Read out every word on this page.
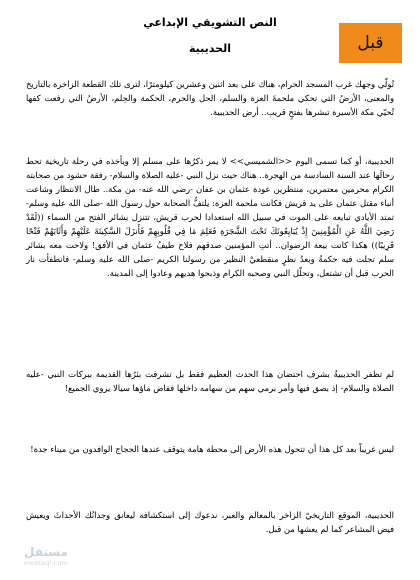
قبل
النص التشويقي الإبداعي
الحديبية

تُولّي وجهك غرب المسجد الحرام، هناك على بعد اثنين وعشرين كيلومترًا، لترى تلك القطعة الزاخرة بالتاريخ والمعنى، الأرضُ التي تحكي ملحمةَ العزة والسلم، الحل والحرم، الحكمة والحِلم، الأرضُ التي رفعت كفها تُحيّي مكة الأسيرة تبشرها بفتحٍ قريب.. أرض الحديبية.

الحديبية، أو كما تسمى اليوم <<الشميسي>> لا يمر ذكرُها على مسلم إلا ويأخذه في رحلة تاريخية تحط رحالَها عند السنة السادسة من الهجرة.. هناك حيث نزل النبي -عليه الصلاة والسلام- رفقة حشود من صحابته الكرام محرمين معتمرين، منتظرين عودة عثمان بن عفان -رضي الله عنه- من مكة.. طال الانتظار وشاعت أنباء مقتل عثمان على يد قريش فكانت ملحمة العزة: يلتفُّ الصحابة حول رسول الله -صلى الله عليه وسلم- تمتد الأيادي تبايعه على الموت في سبيل الله استعدادا لحرب قريش، تتنزل بشائر الفتح من السماء ((لَقَدْ رَضِيَ اللَّهُ عَنِ الْمُؤْمِنِينَ إِذْ يُبَايِعُونَكَ تَحْتَ الشَّجَرَةِ فَعَلِمَ مَا فِي قُلُوبِهِمْ فَأَنزَلَ السَّكِينَةَ عَلَيْهِمْ وَأَثَابَهُمْ فَتْحًا قَرِيبًا)) هكذا كانت بيعة الرضوان.. أتتِ المؤمنين صدقهم فلاح طيفُ عثمان في الأفق! ولاحت معه بشائر سلم تجلت فيه حكمةُ وبعدُ نظرٍ منقطعيْ النظير من رسولنا الكريم -صلى الله عليه وسلم- فانطفأت نار الحرب قبل أن تشتعل، وتحلّل النبي وصحبه الكرام وذبحوا هديهم وعادوا إلى المدينة.

لم تظفر الحديبيةُ بشرف احتضان هذا الحدث العظيم فقط بل تشرفت بئرُها القديمة ببركات النبي -عليه الصلاة والسلام- إذ بصق فيها وأمر برمي سهم من سهامه داخلها ففاض ماؤها سيالا يروي الجميع!

ليس غريباً بعد كل هذا أن تتحول هذه الأرض إلى محطة هامة يتوقف عندها الحجاج الوافدون من ميناء جدة!

الحديبية، الموقع التاريخيّ الزاخر بالمعالم والعبر، ندعوك إلى استكشافه ليعانق وجدانُك الأحداثَ ويعيش فيض المشاعر كما لم يعشها من قبل.

مستقل
mostaql.com
